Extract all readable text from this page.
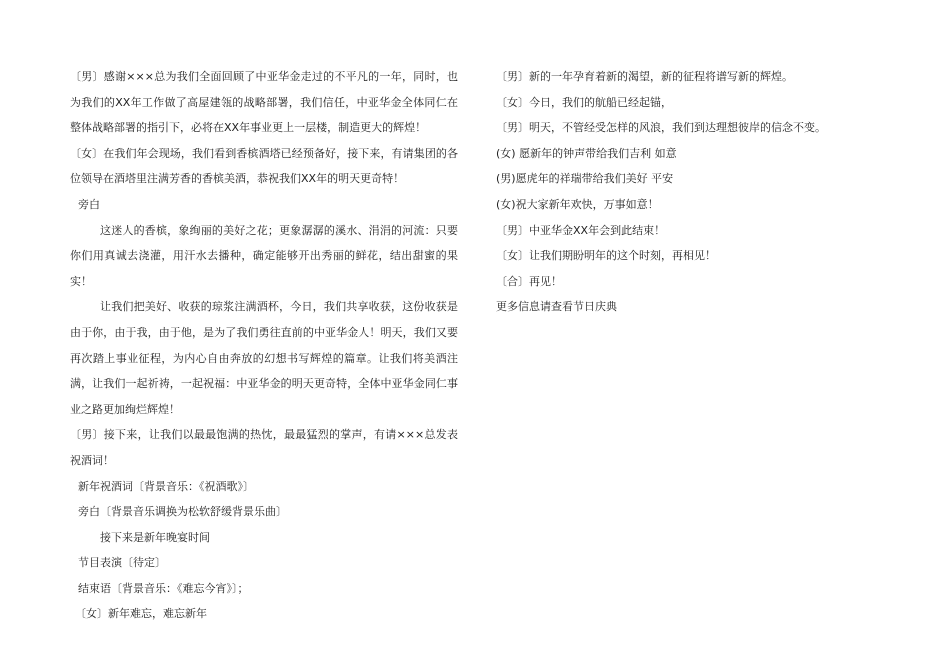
〔男〕感谢×××总为我们全面回顾了中亚华金走过的不平凡的一年，同时，也为我们的XX年工作做了高屋建瓴的战略部署，我们信任，中亚华金全体同仁在整体战略部署的指引下，必将在XX年事业更上一层楼，制造更大的辉煌！

〔女〕在我们年会现场，我们看到香槟酒塔已经预备好，接下来，有请集团的各位领导在酒塔里注满芳香的香槟美酒，恭祝我们XX年的明天更奇特！

旁白

这迷人的香槟，象绚丽的美好之花；更象潺潺的溪水、涓涓的河流：只要你们用真诚去浇灌，用汗水去播种，确定能够开出秀丽的鲜花，结出甜蜜的果实！

让我们把美好、收获的琼浆注满酒杯，今日，我们共享收获，这份收获是由于你，由于我，由于他，是为了我们勇往直前的中亚华金人！明天，我们又要再次踏上事业征程，为内心自由奔放的幻想书写辉煌的篇章。让我们将美酒注满，让我们一起祈祷，一起祝福：中亚华金的明天更奇特，全体中亚华金同仁事业之路更加绚烂辉煌！

〔男〕接下来，让我们以最最饱满的热忱，最最猛烈的掌声，有请×××总发表祝酒词！

新年祝酒词〔背景音乐：《祝酒歌》〕

旁白〔背景音乐调换为松软舒缓背景乐曲〕

接下来是新年晚宴时间

节目表演〔待定〕

结束语〔背景音乐：《难忘今宵》〕；

〔女〕新年难忘，难忘新年

〔男〕新的一年孕育着新的渴望，新的征程将谱写新的辉煌。

〔女〕今日，我们的航船已经起锚，

〔男〕明天，不管经受怎样的风浪，我们到达理想彼岸的信念不变。

(女) 愿新年的钟声带给我们吉利 如意

(男)愿虎年的祥瑞带给我们美好 平安

(女)祝大家新年欢快，万事如意！

〔男〕中亚华金XX年会到此结束！

〔女〕让我们期盼明年的这个时刻，再相见！

〔合〕再见！

更多信息请查看节日庆典
